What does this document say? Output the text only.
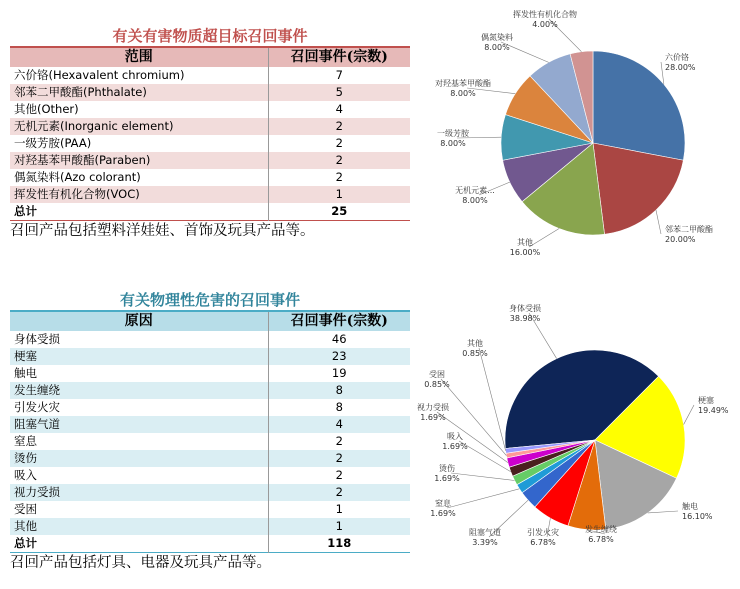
有关有害物质超目标召回事件
范围	召回事件(宗数)
六价铬(Hexavalent chromium)	7
邻苯二甲酸酯(Phthalate)	5
其他(Other)	4
无机元素(Inorganic element)	2
一级芳胺(PAA)	2
对羟基苯甲酸酯(Paraben)	2
偶氮染料(Azo colorant)	2
挥发性有机化合物(VOC)	1
总计	25
召回产品包括塑料洋娃娃、首饰及玩具产品等。
有关物理性危害的召回事件
原因	召回事件(宗数)
身体受损	46
梗塞	23
触电	19
发生缠绕	8
引发火灾	8
阻塞气道	4
窒息	2
烫伤	2
吸入	2
视力受损	2
受困	1
其他	1
总计	118
召回产品包括灯具、电器及玩具产品等。
六价铬
28.00%
邻苯二甲酸酯
20.00%
其他
16.00%
无机元素...
8.00%
一级芳胺
8.00%
对羟基苯甲酸酯
8.00%
偶氮染料
8.00%
挥发性有机化合物
4.00%
身体受损
38.98%
梗塞
19.49%
触电
16.10%
发生缠绕
6.78%
引发火灾
6.78%
阻塞气道
3.39%
窒息
1.69%
烫伤
1.69%
吸入
1.69%
视力受损
1.69%
受困
0.85%
其他
0.85%
